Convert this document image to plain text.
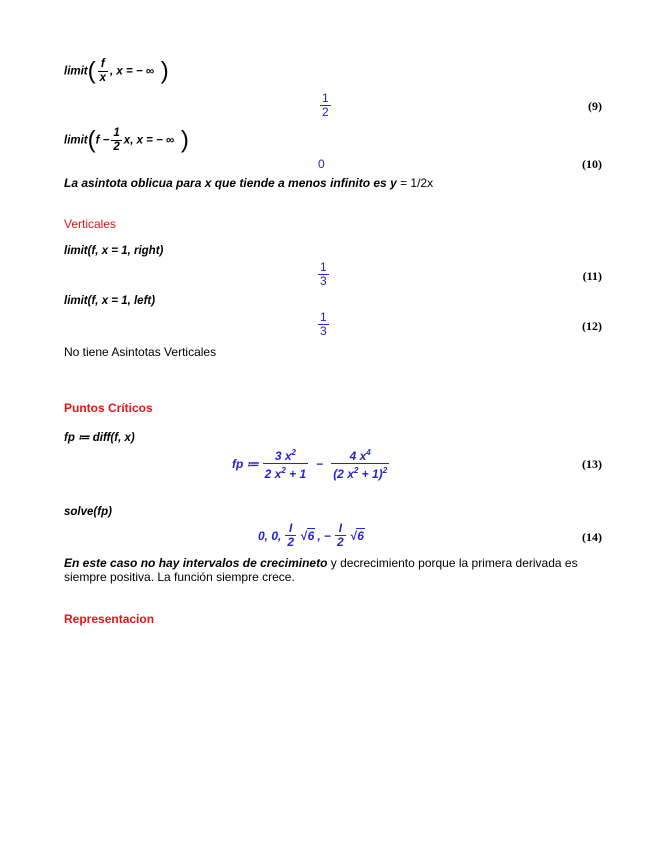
limit( $\frac{f}{x}$ , x = − ∞ )
$\frac{1}{2}$	(9)
limit(f − $\frac{1}{2} x$, x = − ∞ )
0	(10)
La asintota oblicua para x que tiende a menos infinito es y = 1/2x
Verticales
limit(f, x = 1, right)
$\frac{1}{3}$	(11)
limit(f, x = 1, left)
$\frac{1}{3}$	(12)
No tiene Asintotas Verticales
Puntos Críticos
fp ≔ diff(f, x)
fp ≔ $\frac{3 x^2}{2 x^2 + 1} - \frac{4 x^4}{(2 x^2 + 1)^2}$	(13)
solve(fp)
0, 0, $\frac{I}{2} √6$ , − $\frac{I}{2} √6$	(14)
En este caso no hay intervalos de crecimineto y decrecimiento porque la primera derivada es
siempre positiva. La función siempre crece.
Representacion
